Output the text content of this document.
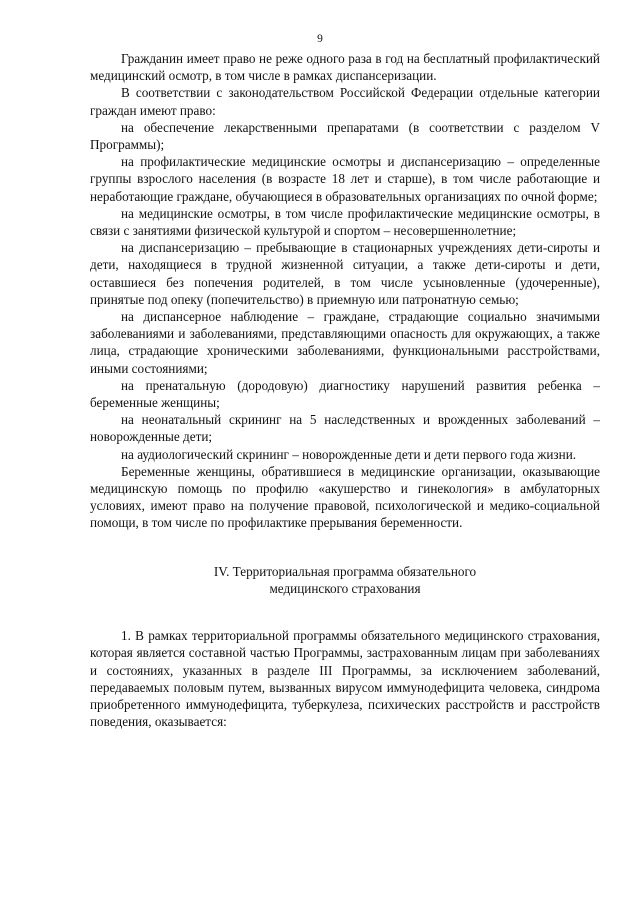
9

Гражданин имеет право не реже одного раза в год на бесплатный профилактический медицинский осмотр, в том числе в рамках диспансеризации.

В соответствии с законодательством Российской Федерации отдельные категории граждан имеют право:

на обеспечение лекарственными препаратами (в соответствии с разделом V Программы);

на профилактические медицинские осмотры и диспансеризацию – определенные группы взрослого населения (в возрасте 18 лет и старше), в том числе работающие и неработающие граждане, обучающиеся в образовательных организациях по очной форме;

на медицинские осмотры, в том числе профилактические медицинские осмотры, в связи с занятиями физической культурой и спортом – несовершеннолетние;

на диспансеризацию – пребывающие в стационарных учреждениях дети-сироты и дети, находящиеся в трудной жизненной ситуации, а также дети-сироты и дети, оставшиеся без попечения родителей, в том числе усыновленные (удочеренные), принятые под опеку (попечительство) в приемную или патронатную семью;

на диспансерное наблюдение – граждане, страдающие социально значимыми заболеваниями и заболеваниями, представляющими опасность для окружающих, а также лица, страдающие хроническими заболеваниями, функциональными расстройствами, иными состояниями;

на пренатальную (дородовую) диагностику нарушений развития ребенка – беременные женщины;

на неонатальный скрининг на 5 наследственных и врожденных заболеваний – новорожденные дети;

на аудиологический скрининг – новорожденные дети и дети первого года жизни.

Беременные женщины, обратившиеся в медицинские организации, оказывающие медицинскую помощь по профилю «акушерство и гинекология» в амбулаторных условиях, имеют право на получение правовой, психологической и медико-социальной помощи, в том числе по профилактике прерывания беременности.

IV. Территориальная программа обязательного
медицинского страхования

1. В рамках территориальной программы обязательного медицинского страхования, которая является составной частью Программы, застрахованным лицам при заболеваниях и состояниях, указанных в разделе III Программы, за исключением заболеваний, передаваемых половым путем, вызванных вирусом иммунодефицита человека, синдрома приобретенного иммунодефицита, туберкулеза, психических расстройств и расстройств поведения, оказывается:
